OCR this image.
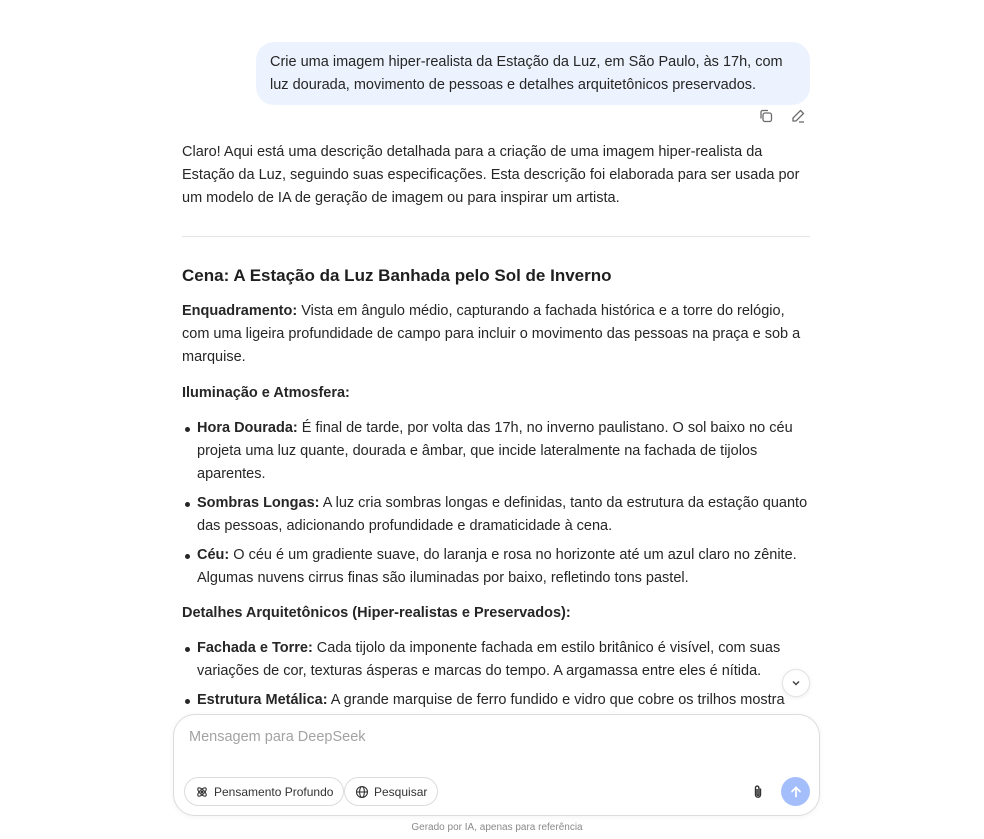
Crie uma imagem hiper-realista da Estação da Luz, em São Paulo, às 17h, com luz dourada, movimento de pessoas e detalhes arquitetônicos preservados.

Claro! Aqui está uma descrição detalhada para a criação de uma imagem hiper-realista da Estação da Luz, seguindo suas especificações. Esta descrição foi elaborada para ser usada por um modelo de IA de geração de imagem ou para inspirar um artista.

Cena: A Estação da Luz Banhada pelo Sol de Inverno

Enquadramento: Vista em ângulo médio, capturando a fachada histórica e a torre do relógio, com uma ligeira profundidade de campo para incluir o movimento das pessoas na praça e sob a marquise.

Iluminação e Atmosfera:

Hora Dourada: É final de tarde, por volta das 17h, no inverno paulistano. O sol baixo no céu projeta uma luz quante, dourada e âmbar, que incide lateralmente na fachada de tijolos aparentes.
Sombras Longas: A luz cria sombras longas e definidas, tanto da estrutura da estação quanto das pessoas, adicionando profundidade e dramaticidade à cena.
Céu: O céu é um gradiente suave, do laranja e rosa no horizonte até um azul claro no zênite. Algumas nuvens cirrus finas são iluminadas por baixo, refletindo tons pastel.

Detalhes Arquitetônicos (Hiper-realistas e Preservados):

Fachada e Torre: Cada tijolo da imponente fachada em estilo britânico é visível, com suas variações de cor, texturas ásperas e marcas do tempo. A argamassa entre eles é nítida.
Estrutura Metálica: A grande marquise de ferro fundido e vidro que cobre os trilhos mostra
Mensagem para DeepSeek
Pensamento Profundo	Pesquisar
Gerado por IA, apenas para referência
